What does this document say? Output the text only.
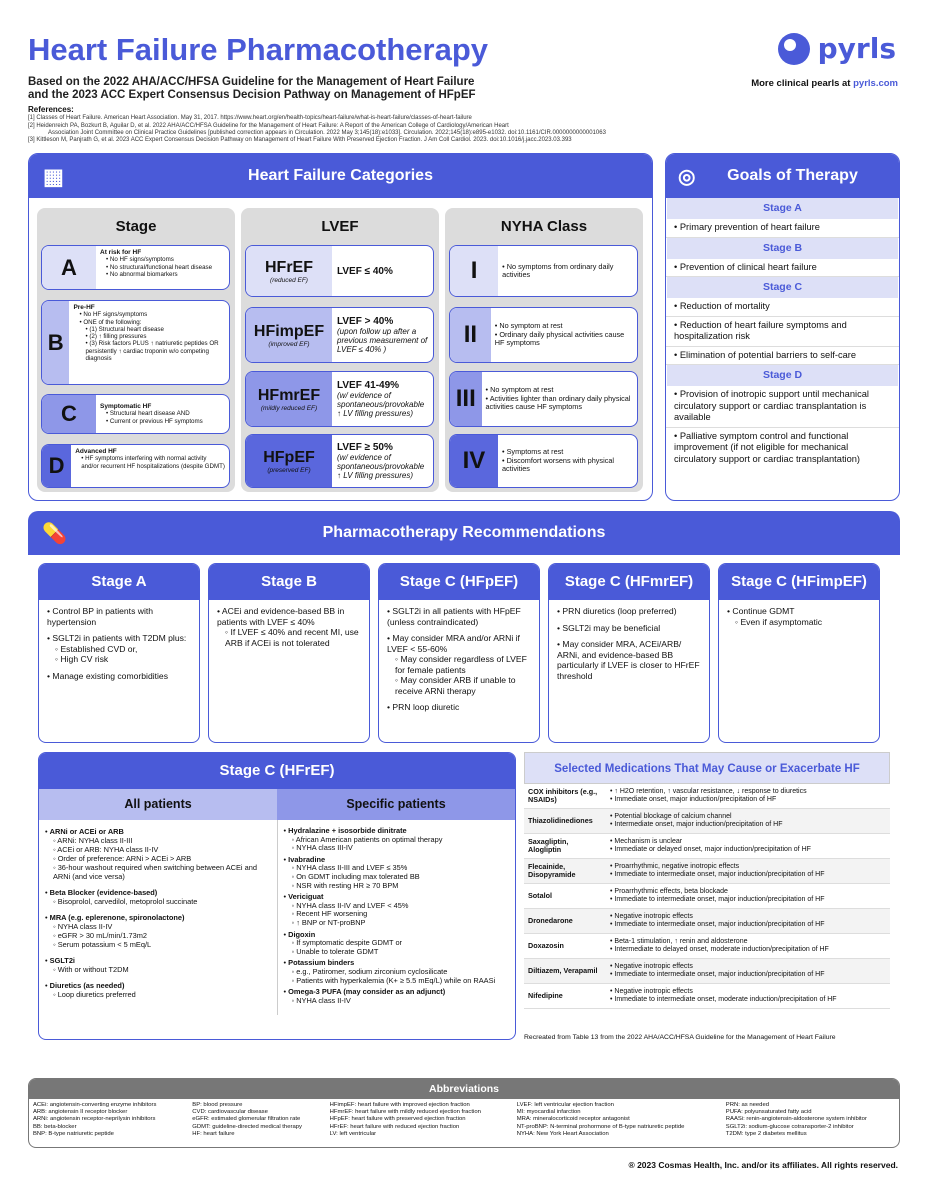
Heart Failure Pharmacotherapy
Based on the 2022 AHA/ACC/HFSA Guideline for the Management of Heart Failure
and the 2023 ACC Expert Consensus Decision Pathway on Management of HFpEF
pyrls
More clinical pearls at pyrls.com
References:
[1] Classes of Heart Failure. American Heart Association. May 31, 2017. https://www.heart.org/en/health-topics/heart-failure/what-is-heart-failure/classes-of-heart-failure
[2] Heidenreich PA, Bozkurt B, Aguilar D, et al. 2022 AHA/ACC/HFSA Guideline for the Management of Heart Failure: A Report of the American College of Cardiology/American Heart
Association Joint Committee on Clinical Practice Guidelines [published correction appears in Circulation. 2022 May 3;145(18):e1033]. Circulation. 2022;145(18):e895-e1032. doi:10.1161/CIR.0000000000001063
[3] Kittleson M, Panjrath G, et al. 2023 ACC Expert Consensus Decision Pathway on Management of Heart Failure With Preserved Ejection Fraction. J Am Coll Cardiol. 2023. doi:10.1016/j.jacc.2023.03.393
▦	Heart Failure Categories
Stage
A
At risk for HF
• No HF signs/symptoms
• No structural/functional heart disease
• No abnormal biomarkers
B
Pre-HF
• No HF signs/symptoms
• ONE of the following:
• (1) Structural heart disease
• (2) ↑ filling pressures
• (3) Risk factors PLUS ↑ natriuretic peptides OR persistently ↑ cardiac troponin w/o competing diagnosis
C	Symptomatic HF
• Structural heart disease AND
• Current or previous HF symptoms
D
Advanced HF
• HF symptoms interfering with normal activity and/or recurrent HF hospitalizations (despite GDMT)
LVEF
HFrEF
(reduced EF)
LVEF ≤ 40%
HFimpEF
(improved EF)
LVEF > 40%
(upon follow up after a previous measurement of LVEF ≤ 40% )
HFmrEF
(mildly reduced EF)
LVEF 41-49%
(w/ evidence of spontaneous/provokable ↑ LV filling pressures)
HFpEF
(preserved EF)
LVEF ≥ 50%
(w/ evidence of spontaneous/provokable ↑ LV filling pressures)
NYHA Class
I	• No symptoms from ordinary daily activities
II	• No symptom at rest
• Ordinary daily physical activities cause HF symptoms
III	• No symptom at rest
• Activities lighter than ordinary daily physical activities cause HF symptoms
IV	• Symptoms at rest
• Discomfort worsens with physical activities
◎ Goals of Therapy
Stage A
• Primary prevention of heart failure
Stage B
• Prevention of clinical heart failure
Stage C
• Reduction of mortality
• Reduction of heart failure symptoms and hospitalization risk
• Elimination of potential barriers to self-care
Stage D
• Provision of inotropic support until mechanical circulatory support or cardiac transplantation is available
• Palliative symptom control and functional improvement (if not eligible for mechanical circulatory support or cardiac transplantation)
💊	Pharmacotherapy Recommendations
Stage A
• Control BP in patients with hypertension
• SGLT2i in patients with T2DM plus:
◦ Established CVD or,
◦ High CV risk
• Manage existing comorbidities
Stage B
• ACEi and evidence-based BB in patients with LVEF ≤ 40%
◦ If LVEF ≤ 40% and recent MI, use ARB if ACEi is not tolerated
Stage C (HFpEF)
• SGLT2i in all patients with HFpEF (unless contraindicated)
• May consider MRA and/or ARNi if LVEF < 55-60%
◦ May consider regardless of LVEF for female patients
◦ May consider ARB if unable to receive ARNi therapy
• PRN loop diuretic
Stage C (HFmrEF)
• PRN diuretics (loop preferred)
• SGLT2i may be beneficial
• May consider MRA, ACEi/ARB/ ARNi, and evidence-based BB particularly if LVEF is closer to HFrEF threshold
Stage C (HFimpEF)
• Continue GDMT
◦ Even if asymptomatic
Stage C (HFrEF)
All patients	Specific patients
• ARNi or ACEi or ARB
◦ ARNi: NYHA class II-III
◦ ACEi or ARB: NYHA class II-IV
◦ Order of preference: ARNi > ACEi > ARB
◦ 36-hour washout required when switching between ACEi and ARNi (and vice versa)
• Beta Blocker (evidence-based)
◦ Bisoprolol, carvedilol, metoprolol succinate
• MRA (e.g. eplerenone, spironolactone)
◦ NYHA class II-IV
◦ eGFR > 30 mL/min/1.73m2
◦ Serum potassium < 5 mEq/L
• SGLT2i
◦ With or without T2DM
• Diuretics (as needed)
◦ Loop diuretics preferred
• Hydralazine + isosorbide dinitrate
◦ African American patients on optimal therapy
◦ NYHA class III-IV
• Ivabradine
◦ NYHA class II-III and LVEF ≤ 35%
◦ On GDMT including max tolerated BB
◦ NSR with resting HR ≥ 70 BPM
• Vericiguat
◦ NYHA class II-IV and LVEF < 45%
◦ Recent HF worsening
◦ ↑ BNP or NT-proBNP
• Digoxin
◦ If symptomatic despite GDMT or
◦ Unable to tolerate GDMT
• Potassium binders
◦ e.g., Patiromer, sodium zirconium cyclosilicate
◦ Patients with hyperkalemia (K+ ≥ 5.5 mEq/L) while on RAASi
• Omega-3 PUFA (may consider as an adjunct)
◦ NYHA class II-IV
Selected Medications That May Cause or Exacerbate HF
COX inhibitors (e.g., NSAIDs)
• ↑ H2O retention, ↑ vascular resistance, ↓ response to diuretics
• Immediate onset, major induction/precipitation of HF
Thiazolidinediones	• Potential blockage of calcium channel
• Intermediate onset, major induction/precipitation of HF
Saxagliptin, Alogliptin
• Mechanism is unclear
• Immediate or delayed onset, major induction/precipitation of HF
Flecainide, Disopyramide
• Proarrhythmic, negative inotropic effects
• Immediate to intermediate onset, major induction/precipitation of HF
Sotalol	• Proarrhythmic effects, beta blockade
• Immediate to intermediate onset, major induction/precipitation of HF
Dronedarone	• Negative inotropic effects
• Immediate to intermediate onset, major induction/precipitation of HF
Doxazosin	• Beta-1 stimulation, ↑ renin and aldosterone
• Intermediate to delayed onset, moderate induction/precipitation of HF
Diltiazem, Verapamil	• Negative inotropic effects
• Immediate to intermediate onset, major induction/precipitation of HF
Nifedipine	• Negative inotropic effects
• Immediate to intermediate onset, moderate induction/precipitation of HF
Recreated from Table 13 from the 2022 AHA/ACC/HFSA Guideline for the Management of Heart Failure
Abbreviations
ACEi: angiotensin-converting enzyme inhibitors
ARB: angiotensin II receptor blocker
ARNi: angiotensin receptor-neprilysin inhibitors
BB: beta-blocker
BNP: B-type natriuretic peptide
BP: blood pressure
CVD: cardiovascular disease
eGFR: estimated glomerular filtration rate
GDMT: guideline-directed medical therapy
HF: heart failure
HFimpEF: heart failure with improved ejection fraction
HFmrEF: heart failure with mildly reduced ejection fraction
HFpEF: heart failure with preserved ejection fraction
HFrEF: heart failure with reduced ejection fraction
LV: left ventricular
LVEF: left ventricular ejection fraction
MI: myocardial infarction
MRA: mineralocorticoid receptor antagonist
NT-proBNP: N-terminal prohormone of B-type natriuretic peptide
NYHA: New York Heart Association
PRN: as needed
PUFA: polyunsaturated fatty acid
RAASi: renin-angiotensin-aldosterone system inhibitor
SGLT2i: sodium-glucose cotransporter-2 inhibitor
T2DM: type 2 diabetes mellitus
® 2023 Cosmas Health, Inc. and/or its affiliates. All rights reserved.
